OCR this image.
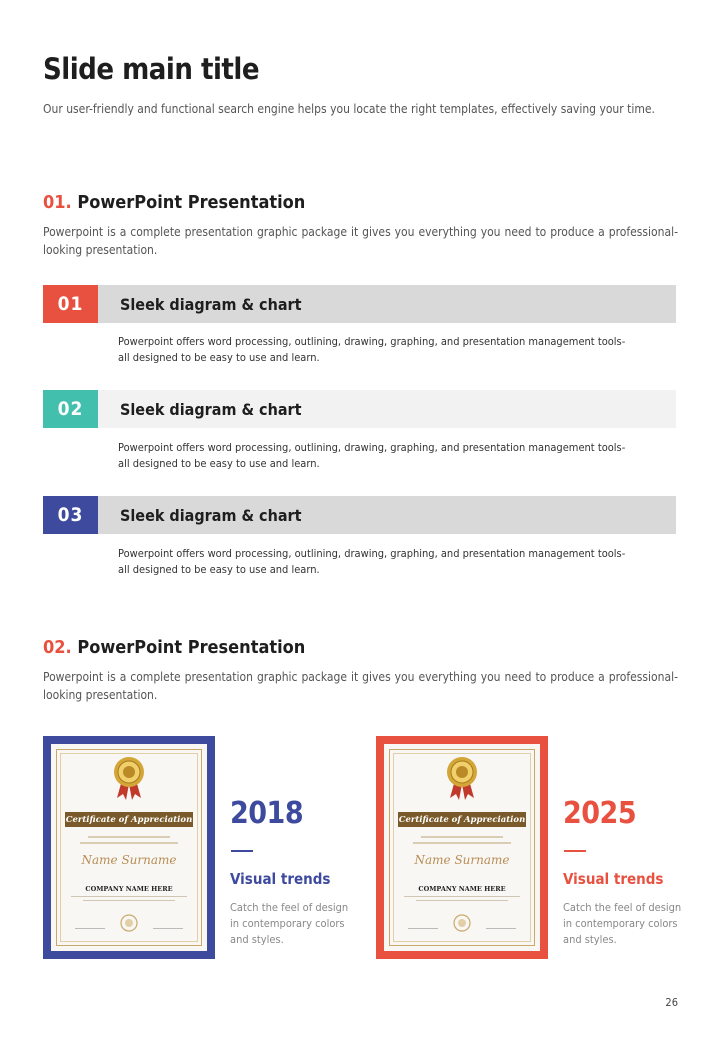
Slide main title
Our user-friendly and functional search engine helps you locate the right templates, effectively saving your time.
01. PowerPoint Presentation
Powerpoint is a complete presentation graphic package it gives you everything you need to produce a professional-looking presentation.
01	Sleek diagram & chart
Powerpoint offers word processing, outlining, drawing, graphing, and presentation management tools- all designed to be easy to use and learn.
02	Sleek diagram & chart
Powerpoint offers word processing, outlining, drawing, graphing, and presentation management tools- all designed to be easy to use and learn.
03	Sleek diagram & chart
Powerpoint offers word processing, outlining, drawing, graphing, and presentation management tools- all designed to be easy to use and learn.
02. PowerPoint Presentation
Powerpoint is a complete presentation graphic package it gives you everything you need to produce a professional-looking presentation.
Certificate of Appreciation
Name Surname
COMPANY NAME HERE
2018
Visual trends
Catch the feel of design in contemporary colors and styles.
Certificate of Appreciation
Name Surname
COMPANY NAME HERE
2025
Visual trends
Catch the feel of design in contemporary colors and styles.
26
